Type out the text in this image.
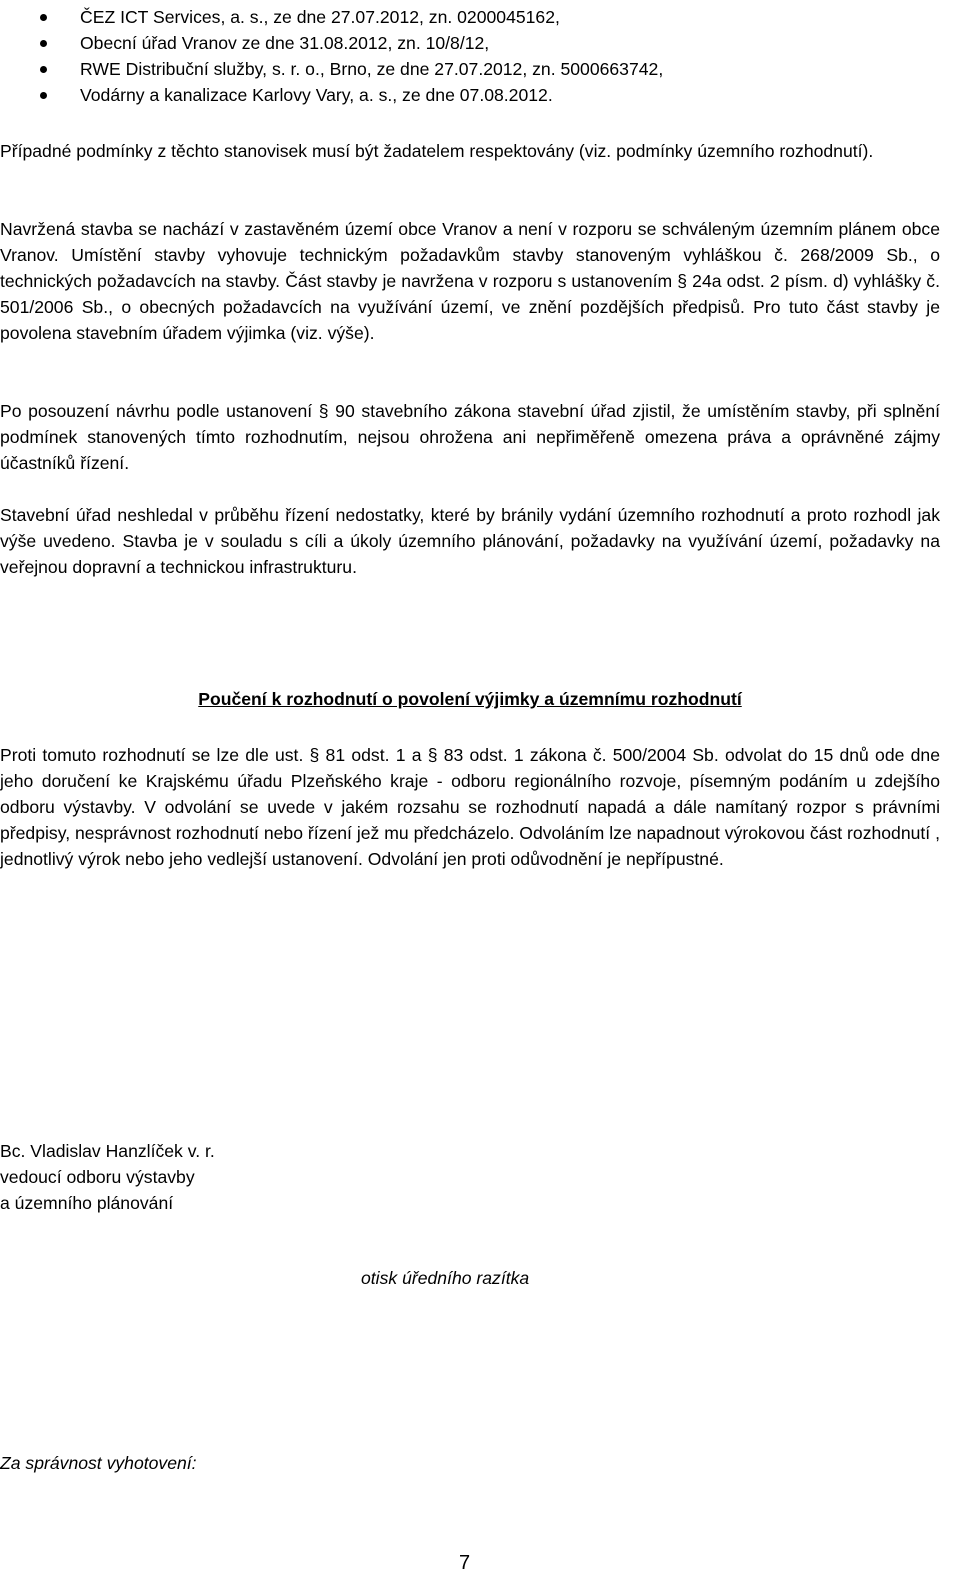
ČEZ ICT Services, a. s., ze dne 27.07.2012, zn. 0200045162,
Obecní úřad Vranov ze dne 31.08.2012, zn. 10/8/12,
RWE Distribuční služby, s. r. o., Brno, ze dne 27.07.2012, zn. 5000663742,
Vodárny a kanalizace Karlovy Vary, a. s., ze dne 07.08.2012.

Případné podmínky z těchto stanovisek musí být žadatelem respektovány (viz. podmínky územního rozhodnutí).

Navržená stavba se nachází v zastavěném území obce Vranov a není v rozporu se schváleným územním plánem obce Vranov. Umístění stavby vyhovuje technickým požadavkům stavby stanoveným vyhláškou č. 268/2009 Sb., o technických požadavcích na stavby. Část stavby je navržena v rozporu s ustanovením § 24a odst. 2 písm. d) vyhlášky č. 501/2006 Sb., o obecných požadavcích na využívání území, ve znění pozdějších předpisů. Pro tuto část stavby je povolena stavebním úřadem výjimka (viz. výše).

Po posouzení návrhu podle ustanovení § 90 stavebního zákona stavební úřad zjistil, že umístěním stavby, při splnění podmínek stanovených tímto rozhodnutím, nejsou ohrožena ani nepřiměřeně omezena práva a oprávněné zájmy účastníků řízení.

Stavební úřad neshledal v průběhu řízení nedostatky, které by bránily vydání územního rozhodnutí a proto rozhodl jak výše uvedeno. Stavba je v souladu s cíli a úkoly územního plánování, požadavky na využívání území, požadavky na veřejnou dopravní a technickou infrastrukturu.

Poučení k rozhodnutí o povolení výjimky a územnímu rozhodnutí

Proti tomuto rozhodnutí se lze dle ust. § 81 odst. 1 a § 83 odst. 1 zákona č. 500/2004 Sb. odvolat do 15 dnů ode dne jeho doručení ke Krajskému úřadu Plzeňského kraje - odboru regionálního rozvoje, písemným podáním u zdejšího odboru výstavby. V odvolání se uvede v jakém rozsahu se rozhodnutí napadá a dále namítaný rozpor s právními předpisy, nesprávnost rozhodnutí nebo řízení jež mu předcházelo. Odvoláním lze napadnout výrokovou část rozhodnutí , jednotlivý výrok nebo jeho vedlejší ustanovení. Odvolání jen proti odůvodnění je nepřípustné.

Bc. Vladislav Hanzlíček v. r.
vedoucí odboru výstavby
a územního plánování
otisk úředního razítka
Za správnost vyhotovení:
7
